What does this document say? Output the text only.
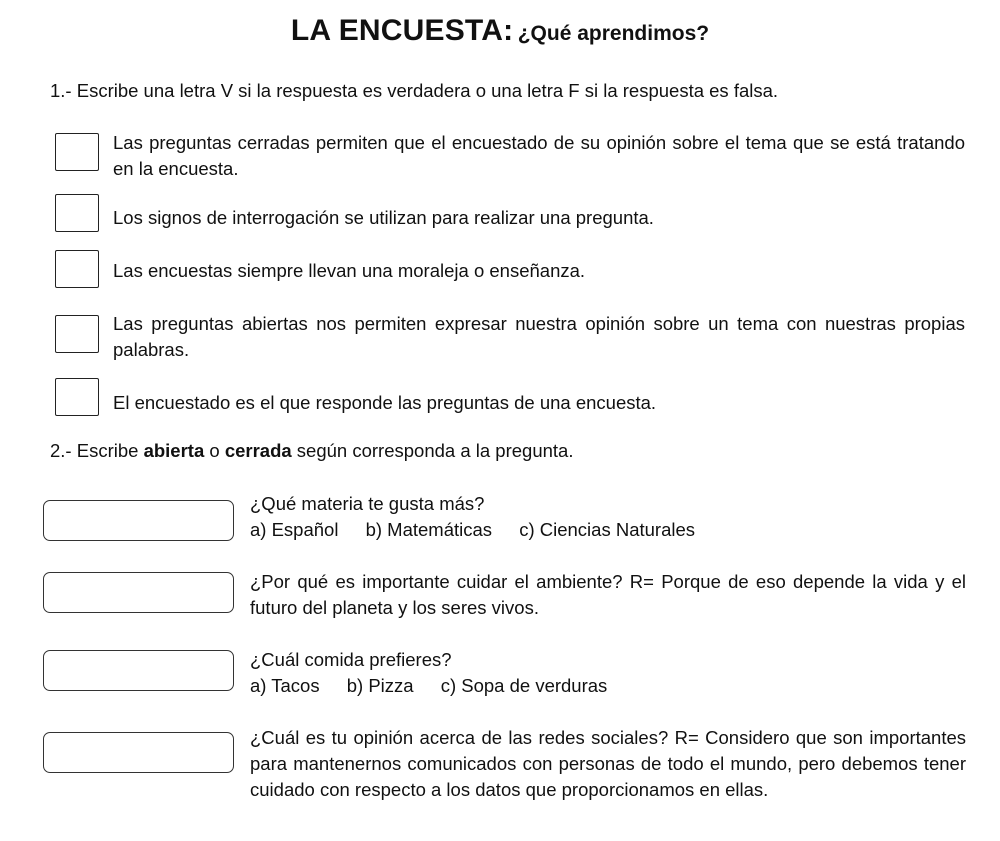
LA ENCUESTA: ¿Qué aprendimos?
1.- Escribe una letra V si la respuesta es verdadera o una letra F si la respuesta es falsa.
Las preguntas cerradas permiten que el encuestado de su opinión sobre el tema que se está tratando en la encuesta.
Los signos de interrogación se utilizan para realizar una pregunta.
Las encuestas siempre llevan una moraleja o enseñanza.
Las preguntas abiertas nos permiten expresar nuestra opinión sobre un tema con nuestras propias palabras.
El encuestado es el que responde las preguntas de una encuesta.
2.- Escribe abierta o cerrada según corresponda a la pregunta.
¿Qué materia te gusta más?
a) Español b) Matemáticas c) Ciencias Naturales
¿Por qué es importante cuidar el ambiente? R= Porque de eso depende la vida y el futuro del planeta y los seres vivos.
¿Cuál comida prefieres?
a) Tacos b) Pizza c) Sopa de verduras
¿Cuál es tu opinión acerca de las redes sociales? R= Considero que son importantes para mantenernos comunicados con personas de todo el mundo, pero debemos tener cuidado con respecto a los datos que proporcionamos en ellas.
